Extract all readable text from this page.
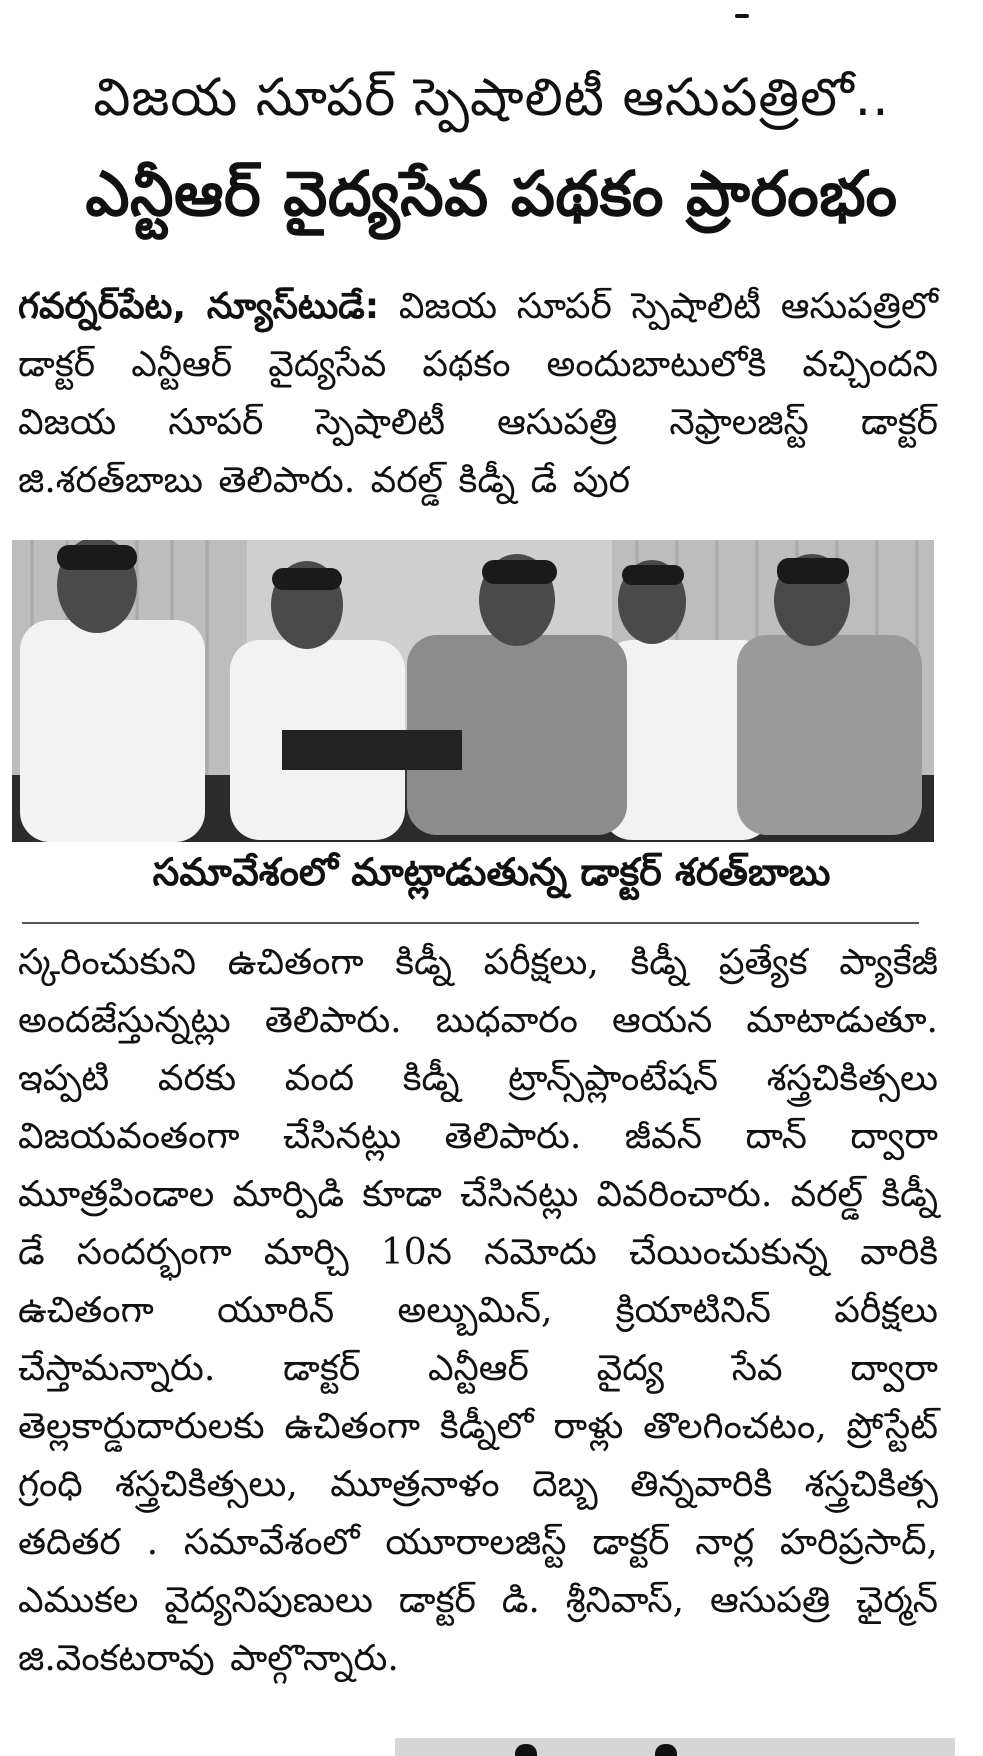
విజయ సూపర్ స్పెషాలిటీ ఆసుపత్రిలో..
ఎన్టీఆర్ వైద్యసేవ పథకం ప్రారంభం
గవర్నర్‌పేట, న్యూస్‌టుడే: విజయ సూపర్ స్పెషాలిటీ ఆసుపత్రిలో డాక్టర్ ఎన్టీఆర్ వైద్యసేవ పథకం అందుబాటులోకి వచ్చిందని విజయ సూపర్ స్పెషాలిటీ ఆసుపత్రి నెఫ్రాలజిస్ట్ డాక్టర్ జి.శరత్‌బాబు తెలిపారు. వరల్డ్ కిడ్నీ డే పుర
సమావేశంలో మాట్లాడుతున్న డాక్టర్ శరత్‌బాబు
స్కరించుకుని ఉచితంగా కిడ్నీ పరీక్షలు, కిడ్నీ ప్రత్యేక ప్యాకేజీ అందజేస్తున్నట్లు తెలిపారు. బుధవారం ఆయన మాటాడుతూ. ఇప్పటి వరకు వంద కిడ్నీ ట్రాన్స్‌ప్లాంటేషన్ శస్త్రచికిత్సలు విజయవంతంగా చేసినట్లు తెలిపారు. జీవన్ దాన్ ద్వారా మూత్రపిండాల మార్పిడి కూడా చేసినట్లు వివరించారు. వరల్డ్ కిడ్నీ డే సందర్భంగా మార్చి 10న నమోదు చేయించుకున్న వారికి ఉచితంగా యూరిన్ అల్బుమిన్, క్రియాటినిన్ పరీక్షలు చేస్తామన్నారు. డాక్టర్ ఎన్టీఆర్ వైద్య సేవ ద్వారా తెల్లకార్డుదారులకు ఉచితంగా కిడ్నీలో రాళ్లు తొలగించటం, ప్రోస్టేట్ గ్రంధి శస్త్రచికిత్సలు, మూత్రనాళం దెబ్బ తిన్నవారికి శస్త్రచికిత్స తదితర . సమావేశంలో యూరాలజిస్ట్ డాక్టర్ నార్ల హరిప్రసాద్, ఎముకల వైద్యనిపుణులు డాక్టర్ డి. శ్రీనివాస్, ఆసుపత్రి ఛైర్మన్ జి.వెంకటరావు పాల్గొన్నారు.
